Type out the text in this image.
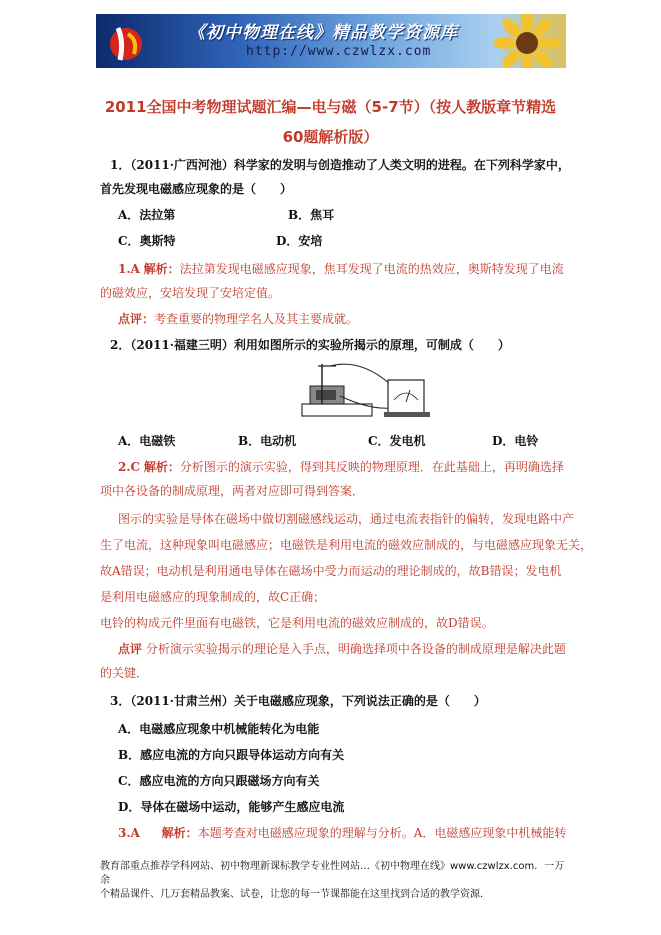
《初中物理在线》精品教学资源库
http://www.czwlzx.com
2011全国中考物理试题汇编—电与磁（5-7节）（按人教版章节精选
60题解析版）
1．（2011·广西河池）科学家的发明与创造推动了人类文明的进程。在下列科学家中，
首先发现电磁感应现象的是（　　）
A．法拉第	B．焦耳
C．奥斯特	D．安培
1.A 解析：法拉第发现电磁感应现象，焦耳发现了电流的热效应，奥斯特发现了电流
的磁效应，安培发现了安培定值。
点评：考查重要的物理学名人及其主要成就。
2．（2011·福建三明）利用如图所示的实验所揭示的原理，可制成（　　）
A．电磁铁	B．电动机	C．发电机	D．电铃
2.C 解析：分析图示的演示实验，得到其反映的物理原理．在此基础上，再明确选择
项中各设备的制成原理，两者对应即可得到答案．
图示的实验是导体在磁场中做切割磁感线运动，通过电流表指针的偏转，发现电路中产
生了电流，这种现象叫电磁感应；电磁铁是利用电流的磁效应制成的，与电磁感应现象无关，
故A错误；电动机是利用通电导体在磁场中受力而运动的理论制成的，故B错误；发电机
是利用电磁感应的现象制成的，故C正确；
电铃的构成元件里面有电磁铁，它是利用电流的磁效应制成的，故D错误。
点评 分析演示实验揭示的理论是入手点，明确选择项中各设备的制成原理是解决此题
的关键．
3．（2011·甘肃兰州）关于电磁感应现象，下列说法正确的是（　　）
A．电磁感应现象中机械能转化为电能
B．感应电流的方向只跟导体运动方向有关
C．感应电流的方向只跟磁场方向有关
D．导体在磁场中运动，能够产生感应电流
3.A 解析：本题考查对电磁感应现象的理解与分析。A．电磁感应现象中机械能转
教育部重点推荐学科网站、初中物理新课标教学专业性网站…《初中物理在线》www.czwlzx.com．一万余
个精品课件、几万套精品教案、试卷，让您的每一节课都能在这里找到合适的教学资源．
